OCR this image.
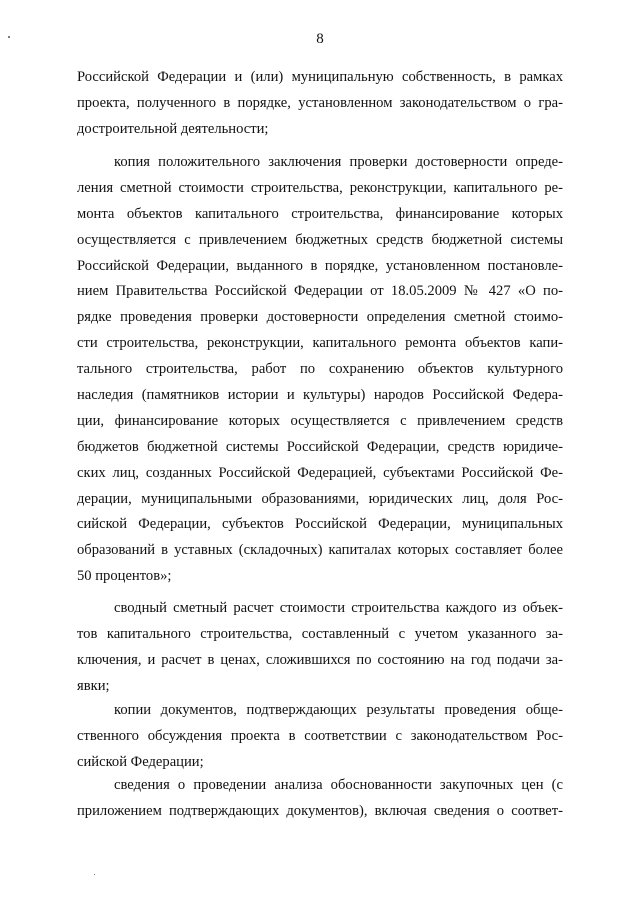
8
Российской Федерации и (или) муниципальную собственность, в рамках
проекта, полученного в порядке, установленном законодательством о гра-
достроительной деятельности;
копия положительного заключения проверки достоверности опреде-
ления сметной стоимости строительства, реконструкции, капитального ре-
монта объектов капитального строительства, финансирование которых
осуществляется с привлечением бюджетных средств бюджетной системы
Российской Федерации, выданного в порядке, установленном постановле-
нием Правительства Российской Федерации от 18.05.2009 № 427 «О по-
рядке проведения проверки достоверности определения сметной стоимо-
сти строительства, реконструкции, капитального ремонта объектов капи-
тального строительства, работ по сохранению объектов культурного
наследия (памятников истории и культуры) народов Российской Федера-
ции, финансирование которых осуществляется с привлечением средств
бюджетов бюджетной системы Российской Федерации, средств юридиче-
ских лиц, созданных Российской Федерацией, субъектами Российской Фе-
дерации, муниципальными образованиями, юридических лиц, доля Рос-
сийской Федерации, субъектов Российской Федерации, муниципальных
образований в уставных (складочных) капиталах которых составляет более
50 процентов»;
сводный сметный расчет стоимости строительства каждого из объек-
тов капитального строительства, составленный с учетом указанного за-
ключения, и расчет в ценах, сложившихся по состоянию на год подачи за-
явки;
копии документов, подтверждающих результаты проведения обще-
ственного обсуждения проекта в соответствии с законодательством Рос-
сийской Федерации;
сведения о проведении анализа обоснованности закупочных цен (с
приложением подтверждающих документов), включая сведения о соответ-
